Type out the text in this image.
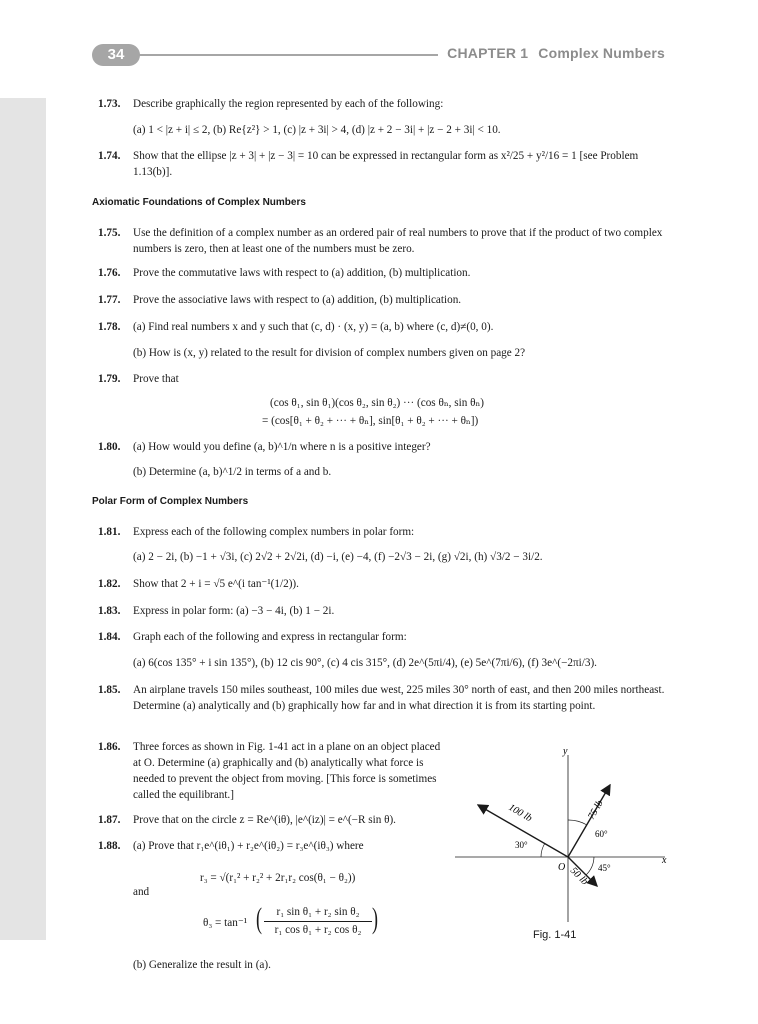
34	CHAPTER 1 Complex Numbers
1.73. Describe graphically the region represented by each of the following:
(a) 1 < |z + i| ≤ 2, (b) Re{z²} > 1, (c) |z + 3i| > 4, (d) |z + 2 − 3i| + |z − 2 + 3i| < 10.
1.74. Show that the ellipse |z + 3| + |z − 3| = 10 can be expressed in rectangular form as x²/25 + y²/16 = 1 [see Problem 1.13(b)].
Axiomatic Foundations of Complex Numbers
1.75. Use the definition of a complex number as an ordered pair of real numbers to prove that if the product of two complex numbers is zero, then at least one of the numbers must be zero.
1.76. Prove the commutative laws with respect to (a) addition, (b) multiplication.
1.77. Prove the associative laws with respect to (a) addition, (b) multiplication.
1.78. (a) Find real numbers x and y such that (c, d) · (x, y) = (a, b) where (c, d)≠(0, 0).
(b) How is (x, y) related to the result for division of complex numbers given on page 2?
1.79. Prove that
(cos θ₁, sin θ₁)(cos θ₂, sin θ₂) ··· (cos θₙ, sin θₙ)
= (cos[θ₁ + θ₂ + ··· + θₙ], sin[θ₁ + θ₂ + ··· + θₙ])
1.80. (a) How would you define (a, b)^1/n where n is a positive integer?
(b) Determine (a, b)^1/2 in terms of a and b.
Polar Form of Complex Numbers
1.81. Express each of the following complex numbers in polar form:
(a) 2 − 2i, (b) −1 + √3i, (c) 2√2 + 2√2i, (d) −i, (e) −4, (f) −2√3 − 2i, (g) √2i, (h) √3/2 − 3i/2.
1.82. Show that 2 + i = √5 e^(i tan⁻¹(1/2)).
1.83. Express in polar form: (a) −3 − 4i, (b) 1 − 2i.
1.84. Graph each of the following and express in rectangular form:
(a) 6(cos 135° + i sin 135°), (b) 12 cis 90°, (c) 4 cis 315°, (d) 2e^(5πi/4), (e) 5e^(7πi/6), (f) 3e^(−2πi/3).
1.85. An airplane travels 150 miles southeast, 100 miles due west, 225 miles 30° north of east, and then 200 miles northeast. Determine (a) analytically and (b) graphically how far and in what direction it is from its starting point.
1.86. Three forces as shown in Fig. 1-41 act in a plane on an object placed at O. Determine (a) graphically and (b) analytically what force is needed to prevent the object from moving. [This force is sometimes called the equilibrant.]
1.87. Prove that on the circle z = Re^(iθ), |e^(iz)| = e^(−R sin θ).
1.88. (a) Prove that r₁e^(iθ₁) + r₂e^(iθ₂) = r₃e^(iθ₃) where
r₃ = √(r₁² + r₂² + 2r₁r₂ cos(θ₁ − θ₂))
and
θ₃ = tan⁻¹
r₁ sin θ₁ + r₂ sin θ₂
r₁ cos θ₁ + r₂ cos θ₂
(	)
(b) Generalize the result in (a).
x
y
O
100 lb	75 lb
50 lb
30°
60°
45°
Fig. 1-41
